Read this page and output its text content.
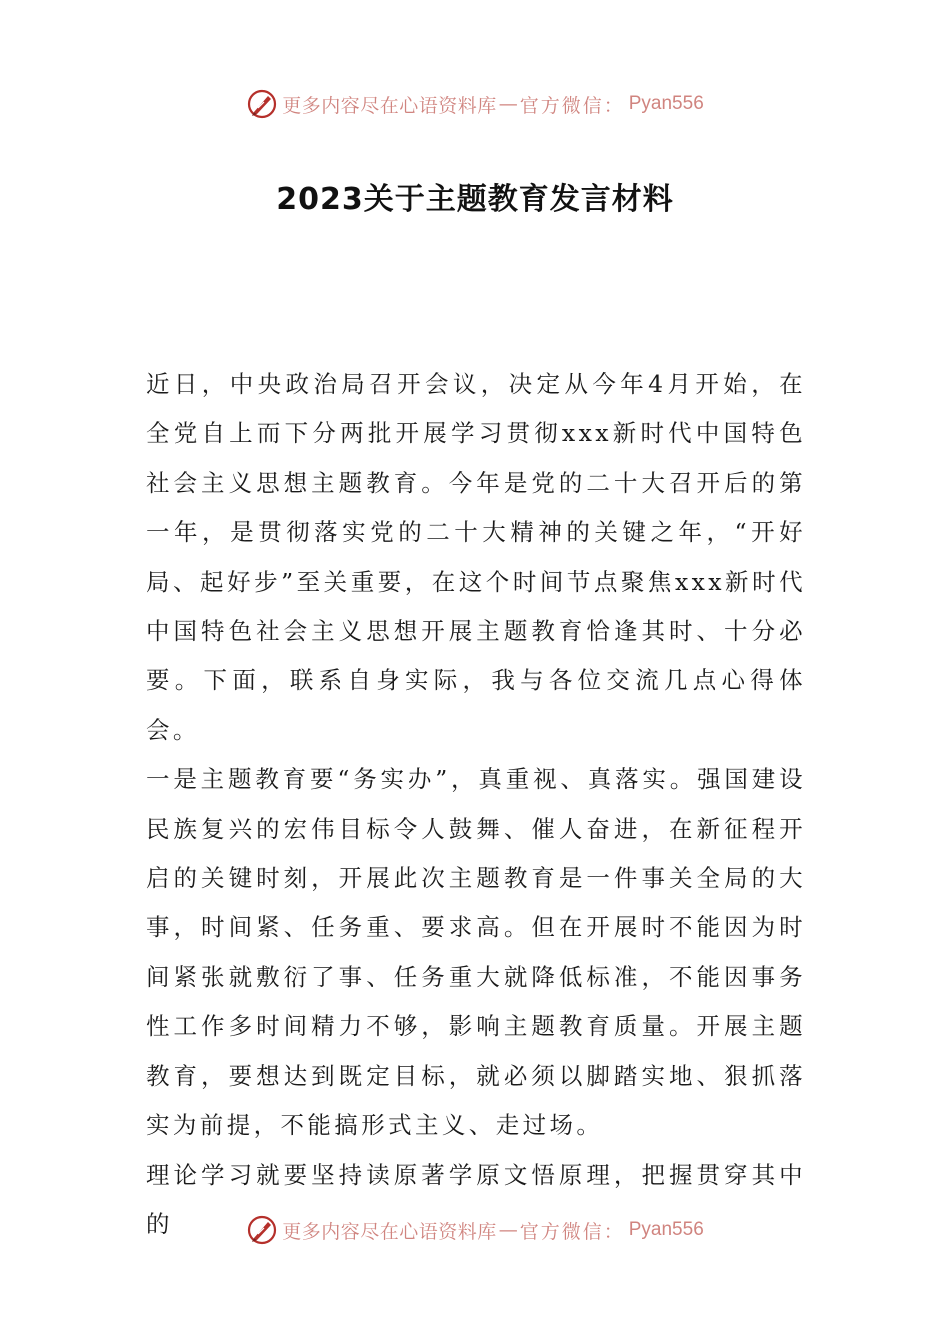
更多内容尽在心语资料库 — 官方微信： Pyan556
2023关于主题教育发言材料

近日，中央政治局召开会议，决定从今年4月开始，在全党自上而下分两批开展学习贯彻xxx新时代中国特色社会主义思想主题教育。今年是党的二十大召开后的第一年，是贯彻落实党的二十大精神的关键之年，“开好局、起好步”至关重要，在这个时间节点聚焦xxx新时代中国特色社会主义思想开展主题教育恰逢其时、十分必要。下面，联系自身实际，我与各位交流几点心得体会。

一是主题教育要“务实办”，真重视、真落实。强国建设民族复兴的宏伟目标令人鼓舞、催人奋进，在新征程开启的关键时刻，开展此次主题教育是一件事关全局的大事，时间紧、任务重、要求高。但在开展时不能因为时间紧张就敷衍了事、任务重大就降低标准，不能因事务性工作多时间精力不够，影响主题教育质量。开展主题教育，要想达到既定目标，就必须以脚踏实地、狠抓落实为前提，不能搞形式主义、走过场。

理论学习就要坚持读原著学原文悟原理，把握贯穿其中的	更多内容尽在心语资料库 — 官方微信： Pyan556
